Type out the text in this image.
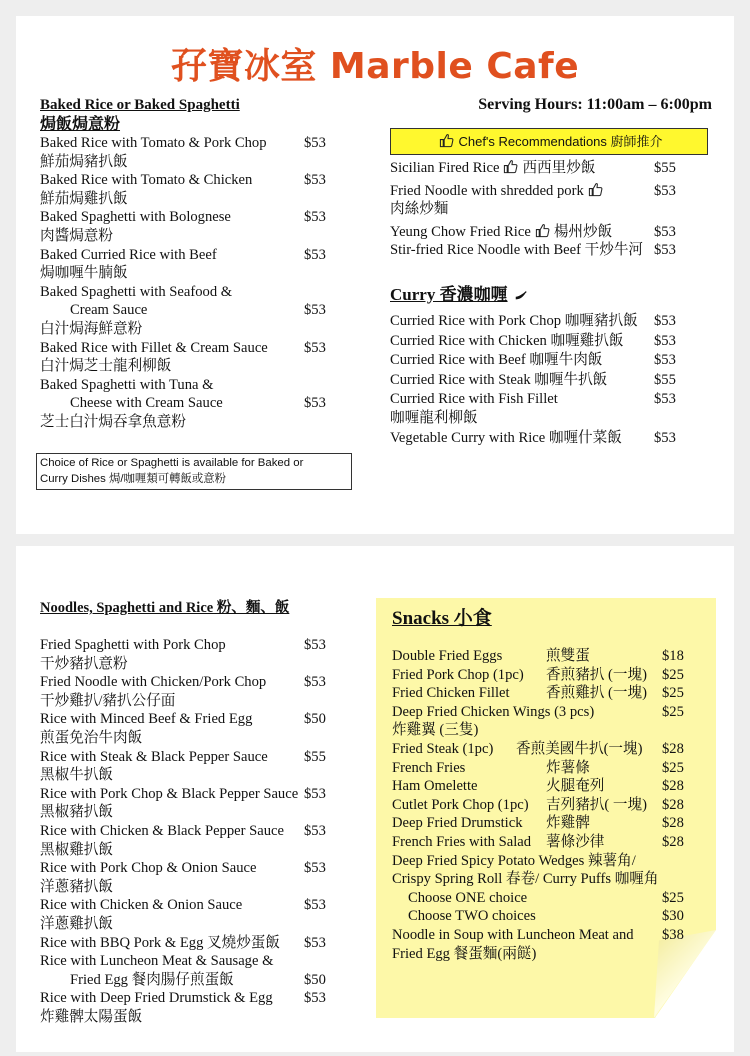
孖寶冰室 Marble Cafe
Baked Rice or Baked Spaghetti
焗飯焗意粉
Baked Rice with Tomato & Pork Chop	$53
鮮茄焗豬扒飯
Baked Rice with Tomato & Chicken	$53
鮮茄焗雞扒飯
Baked Spaghetti with Bolognese	$53
肉醬焗意粉
Baked Curried Rice with Beef	$53
焗咖喱牛腩飯
Baked Spaghetti with Seafood &
Cream Sauce	$53
白汁焗海鮮意粉
Baked Rice with Fillet & Cream Sauce $53
白汁焗芝士龍利柳飯
Baked Spaghetti with Tuna &
Cheese with Cream Sauce	$53
芝士白汁焗吞拿魚意粉
Choice of Rice or Spaghetti is available for Baked or
Curry Dishes 焗/咖喱類可轉飯或意粉
Serving Hours: 11:00am – 6:00pm
Chef's Recommendations 廚師推介
Sicilian Fired Rice 西西里炒飯	$55
Fried Noodle with shredded pork	$53
肉絲炒麵
Yeung Chow Fried Rice 楊州炒飯	$53
Stir-fried Rice Noodle with Beef 干炒牛河 $53
Curry 香濃咖喱
Curried Rice with Pork Chop 咖喱豬扒飯 $53
Curried Rice with Chicken 咖喱雞扒飯 $53
Curried Rice with Beef 咖喱牛肉飯	$53
Curried Rice with Steak 咖喱牛扒飯	$55
Curried Rice with Fish Fillet	$53
咖喱龍利柳飯
Vegetable Curry with Rice 咖喱什菜飯 $53
Noodles, Spaghetti and Rice 粉、麵、飯
Fried Spaghetti with Pork Chop	$53
干炒豬扒意粉
Fried Noodle with Chicken/Pork Chop	$53
干炒雞扒/豬扒公仔面
Rice with Minced Beef & Fried Egg	$50
煎蛋免治牛肉飯
Rice with Steak & Black Pepper Sauce $55
黑椒牛扒飯
Rice with Pork Chop & Black Pepper Sauce $53
黑椒豬扒飯
Rice with Chicken & Black Pepper Sauce $53
黑椒雞扒飯
Rice with Pork Chop & Onion Sauce	$53
洋蔥豬扒飯
Rice with Chicken & Onion Sauce	$53
洋蔥雞扒飯
Rice with BBQ Pork & Egg 叉燒炒蛋飯 $53
Rice with Luncheon Meat & Sausage &
Fried Egg 餐肉腸仔煎蛋飯	$50
Rice with Deep Fried Drumstick & Egg $53
炸雞髀太陽蛋飯
Snacks 小食
Double Fried Eggs	煎雙蛋	$18
Fried Pork Chop (1pc) 香煎豬扒 (一塊) $25
Fried Chicken Fillet 香煎雞扒 (一塊) $25
Deep Fried Chicken Wings (3 pcs)	$25
炸雞翼 (三隻)
Fried Steak (1pc) 香煎美國牛扒(一塊) $28
French Fries	炸薯條	$25
Ham Omelette	火腿奄列	$28
Cutlet Pork Chop (1pc) 吉列豬扒( 一塊) $28
Deep Fried Drumstick 炸雞髀	$28
French Fries with Salad 薯條沙律	$28
Deep Fried Spicy Potato Wedges 辣薯角/
Crispy Spring Roll 春卷/ Curry Puffs 咖喱角
Choose ONE choice	$25
Choose TWO choices	$30
Noodle in Soup with Luncheon Meat and $38
Fried Egg 餐蛋麵(兩餸)
